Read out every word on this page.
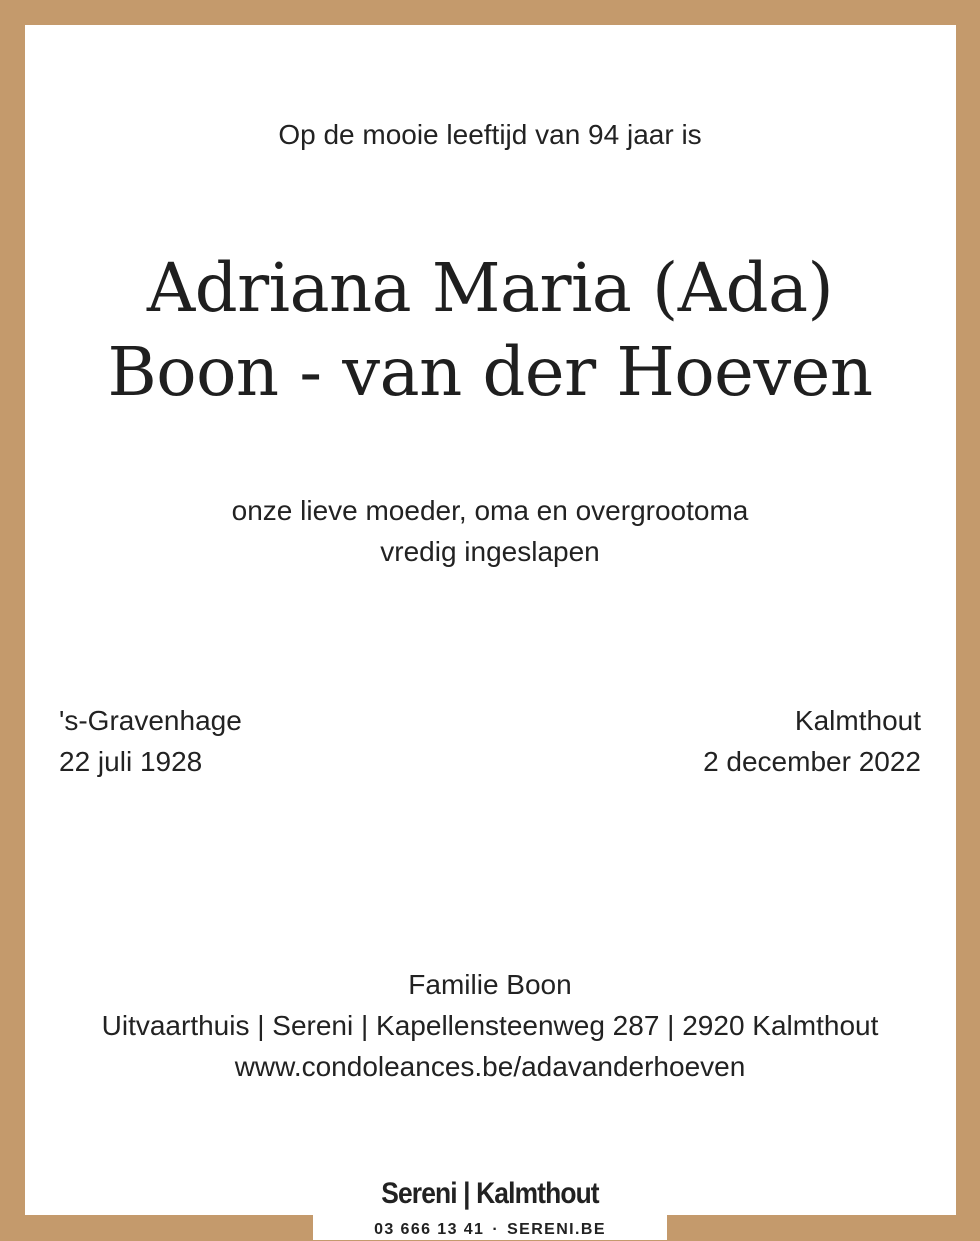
Op de mooie leeftijd van 94 jaar is
Adriana Maria (Ada)
Boon - van der Hoeven
onze lieve moeder, oma en overgrootoma
vredig ingeslapen
's-Gravenhage
22 juli 1928
Kalmthout
2 december 2022
Familie Boon
Uitvaarthuis | Sereni | Kapellensteenweg 287 | 2920 Kalmthout
www.condoleances.be/adavanderhoeven
Sereni | Kalmthout
03 666 13 41 · SERENI.BE
